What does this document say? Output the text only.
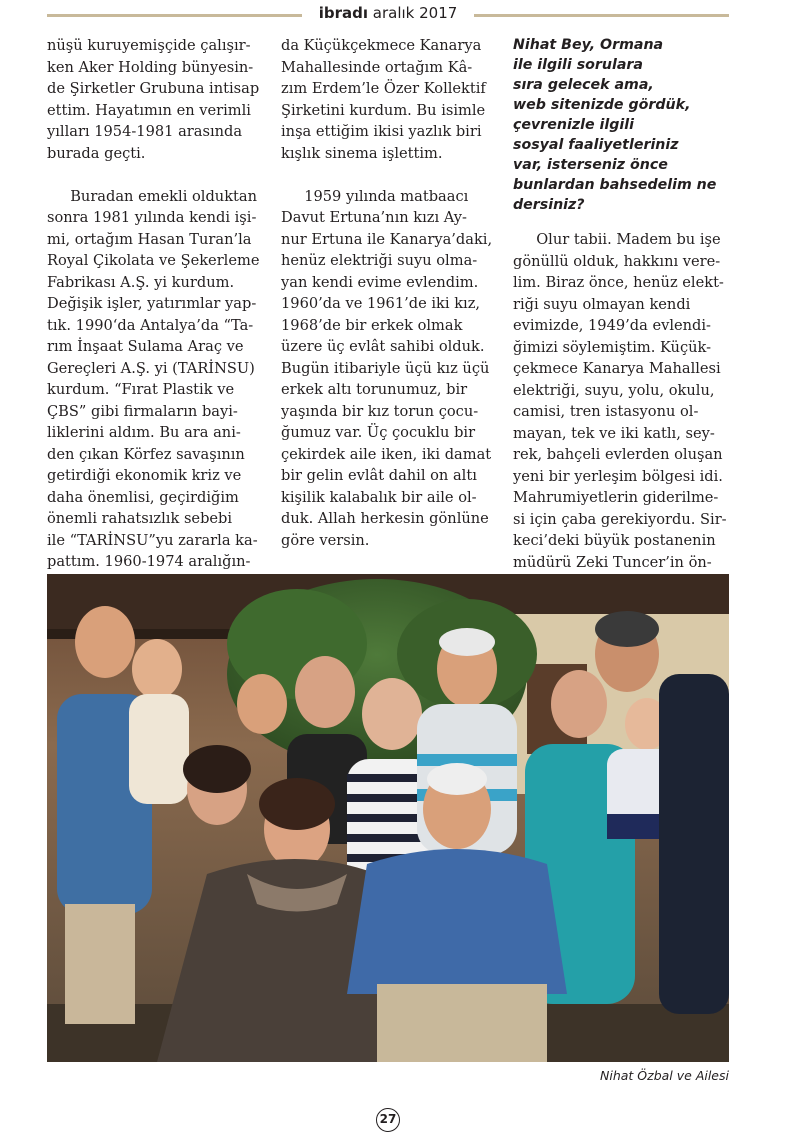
ibradı aralık 2017

nüşü kuruyemişçide çalışır-

ken Aker Holding bünyesin-

de Şirketler Grubuna intisap

ettim. Hayatımın en verimli

yılları 1954-1981 arasında

burada geçti.

Buradan emekli olduktan

sonra 1981 yılında kendi işi-

mi, ortağım Hasan Turan’la

Royal Çikolata ve Şekerleme

Fabrikası A.Ş. yi kurdum.

Değişik işler, yatırımlar yap-

tık. 1990‘da Antalya’da “Ta-

rım İnşaat Sulama Araç ve

Gereçleri A.Ş. yi (TARİNSU)

kurdum. “Fırat Plastik ve

ÇBS” gibi firmaların bayi-

liklerini aldım. Bu ara ani-

den çıkan Körfez savaşının

getirdiği ekonomik kriz ve

daha önemlisi, geçirdiğim

önemli rahatsızlık sebebi

ile “TARİNSU”yu zararla ka-

pattım. 1960-1974 aralığın-

da Küçükçekmece Kanarya

Mahallesinde ortağım Kâ-

zım Erdem’le Özer Kollektif

Şirketini kurdum. Bu isimle

inşa ettiğim ikisi yazlık biri

kışlık sinema işlettim.

1959 yılında matbaacı

Davut Ertuna’nın kızı Ay-

nur Ertuna ile Kanarya’daki,

henüz elektriği suyu olma-

yan kendi evime evlendim.

1960’da ve 1961’de iki kız,

1968’de bir erkek olmak

üzere üç evlât sahibi olduk.

Bugün itibariyle üçü kız üçü

erkek altı torunumuz, bir

yaşında bir kız torun çocu-

ğumuz var. Üç çocuklu bir

çekirdek aile iken, iki damat

bir gelin evlât dahil on altı

kişilik kalabalık bir aile ol-

duk. Allah herkesin gönlüne

göre versin.

Nihat Bey, Ormana

ile ilgili sorulara

sıra gelecek ama,

web sitenizde gördük,

çevrenizle ilgili

sosyal faaliyetleriniz

var, isterseniz önce

bunlardan bahsedelim ne

dersiniz?

Olur tabii. Madem bu işe

gönüllü olduk, hakkını vere-

lim. Biraz önce, henüz elekt-

riği suyu olmayan kendi

evimizde, 1949’da evlendi-

ğimizi söylemiştim. Küçük-

çekmece Kanarya Mahallesi

elektriği, suyu, yolu, okulu,

camisi, tren istasyonu ol-

mayan, tek ve iki katlı, sey-

rek, bahçeli evlerden oluşan

yeni bir yerleşim bölgesi idi.

Mahrumiyetlerin giderilme-

si için çaba gerekiyordu. Sir-

keci’deki büyük postanenin

müdürü Zeki Tuncer’in ön-

Nihat Özbal ve Ailesi
27
